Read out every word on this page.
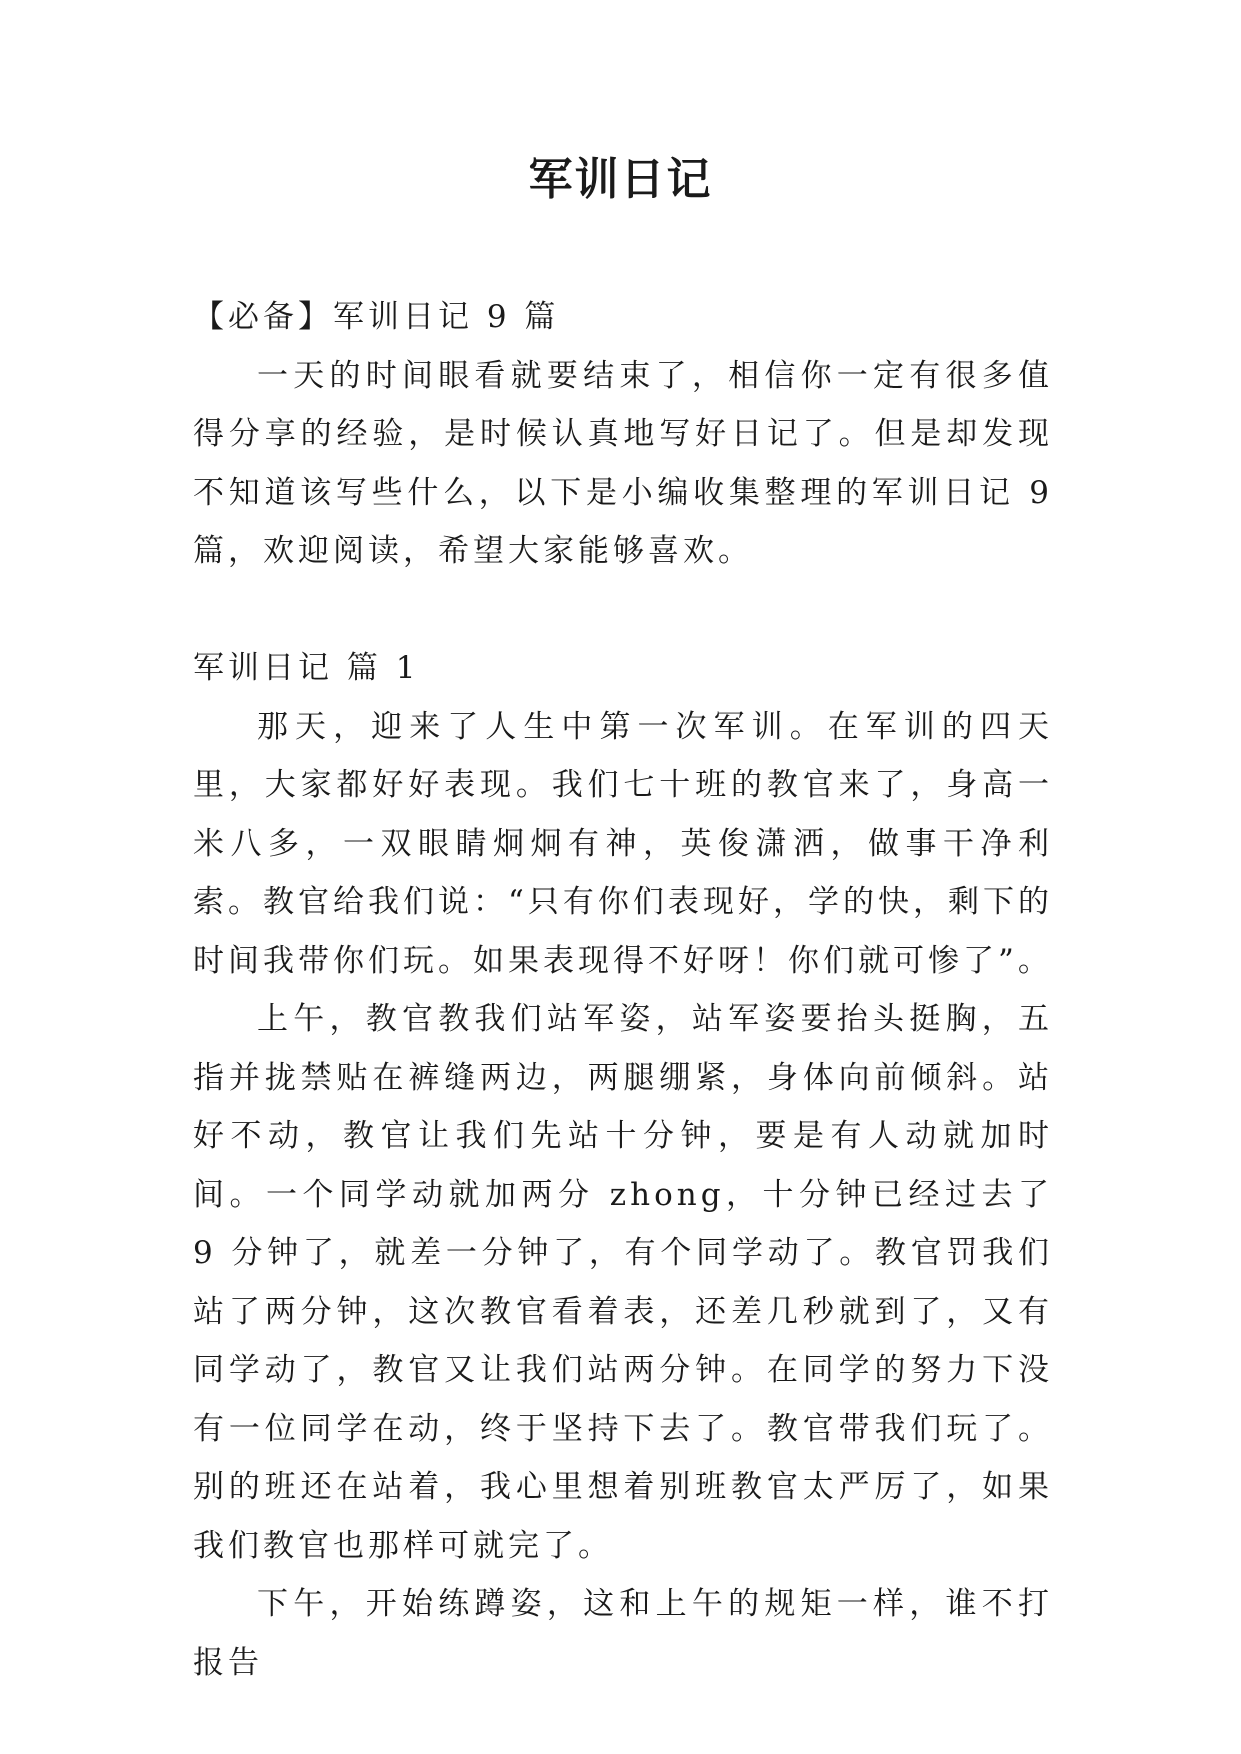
军训日记

【必备】军训日记 9 篇

一天的时间眼看就要结束了，相信你一定有很多值得分享的经验，是时候认真地写好日记了。但是却发现不知道该写些什么，以下是小编收集整理的军训日记 9 篇，欢迎阅读，希望大家能够喜欢。

军训日记 篇 1

那天，迎来了人生中第一次军训。在军训的四天里，大家都好好表现。我们七十班的教官来了，身高一米八多，一双眼睛炯炯有神，英俊潇洒，做事干净利索。教官给我们说：“只有你们表现好，学的快，剩下的时间我带你们玩。如果表现得不好呀！你们就可惨了”。

上午，教官教我们站军姿，站军姿要抬头挺胸，五指并拢禁贴在裤缝两边，两腿绷紧，身体向前倾斜。站好不动，教官让我们先站十分钟，要是有人动就加时间。一个同学动就加两分 zhong，十分钟已经过去了 9 分钟了，就差一分钟了，有个同学动了。教官罚我们站了两分钟，这次教官看着表，还差几秒就到了，又有同学动了，教官又让我们站两分钟。在同学的努力下没有一位同学在动，终于坚持下去了。教官带我们玩了。别的班还在站着，我心里想着别班教官太严厉了，如果我们教官也那样可就完了。

下午，开始练蹲姿，这和上午的规矩一样，谁不打报告
